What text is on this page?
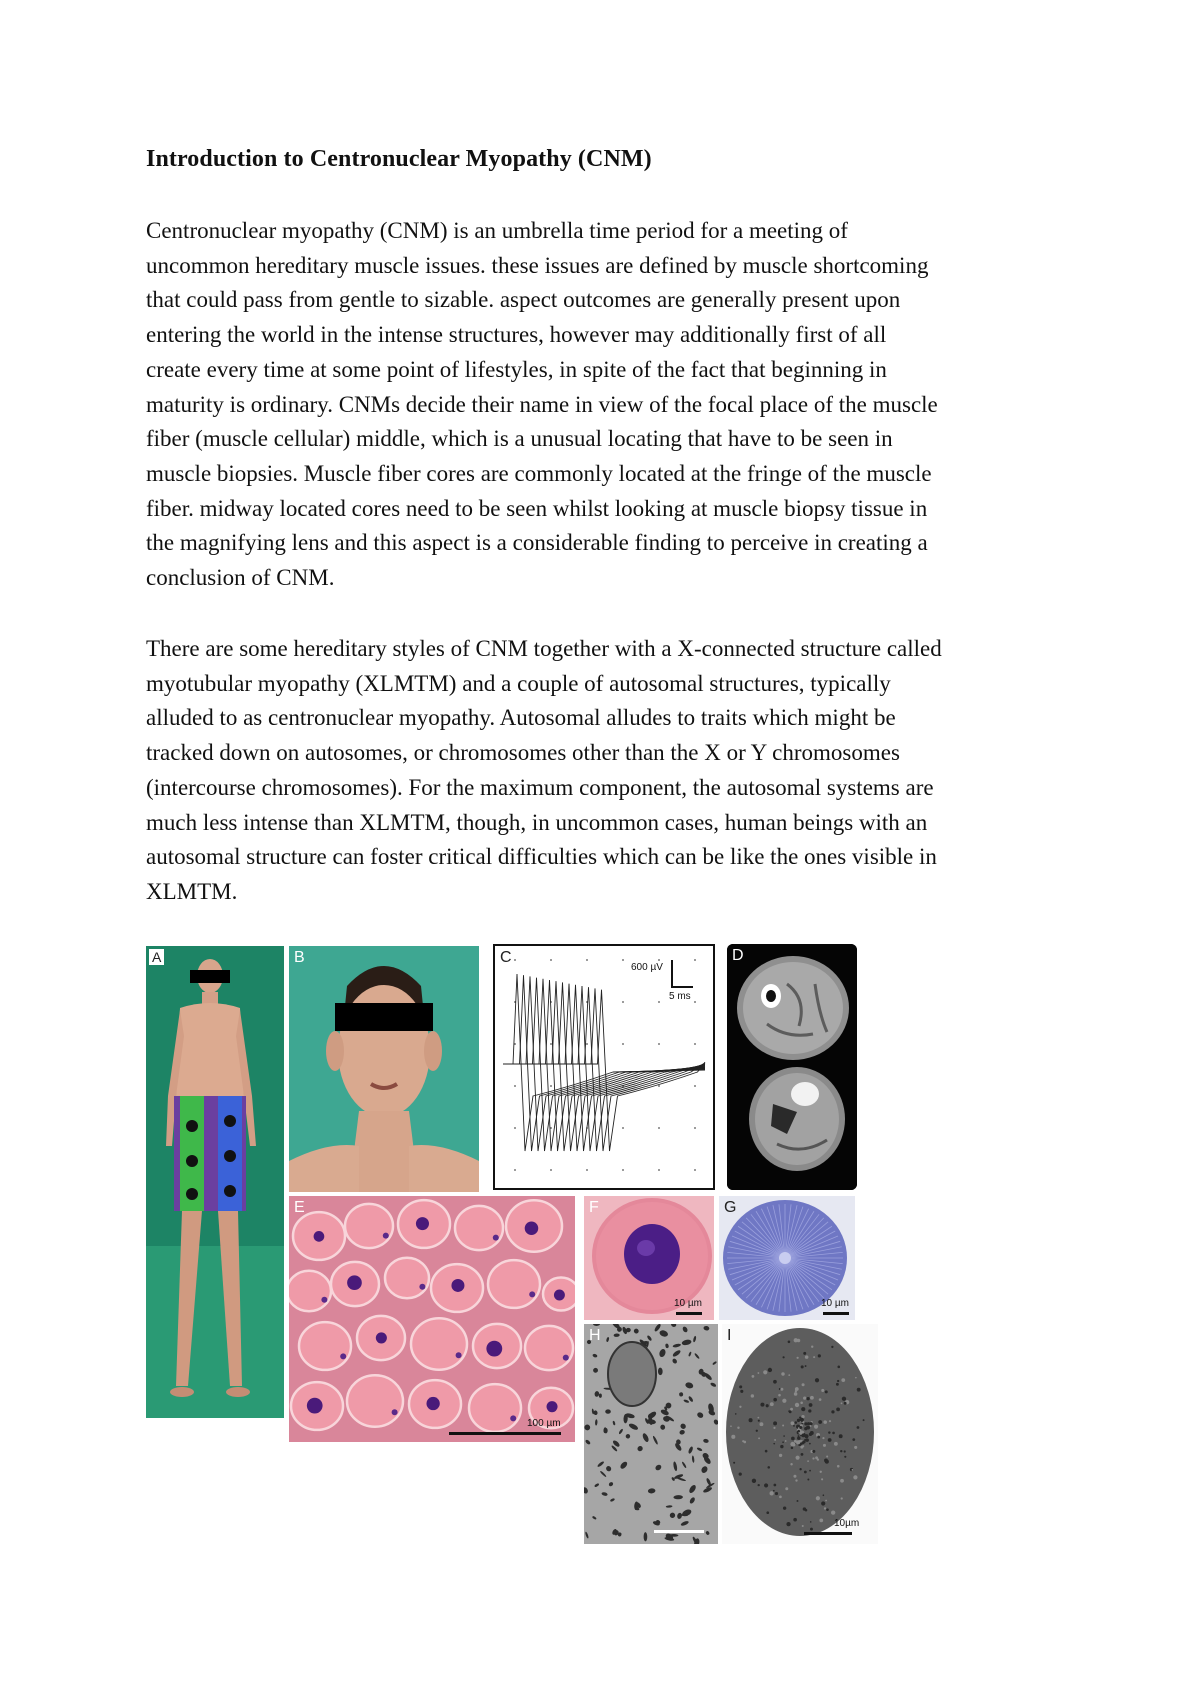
Introduction to Centronuclear Myopathy (CNM)

Centronuclear myopathy (CNM) is an umbrella time period for a meeting of
uncommon hereditary muscle issues. these issues are defined by muscle shortcoming
that could pass from gentle to sizable. aspect outcomes are generally present upon
entering the world in the intense structures, however may additionally first of all
create every time at some point of lifestyles, in spite of the fact that beginning in
maturity is ordinary. CNMs decide their name in view of the focal place of the muscle
fiber (muscle cellular) middle, which is a unusual locating that have to be seen in
muscle biopsies. Muscle fiber cores are commonly located at the fringe of the muscle
fiber. midway located cores need to be seen whilst looking at muscle biopsy tissue in
the magnifying lens and this aspect is a considerable finding to perceive in creating a
conclusion of CNM.

There are some hereditary styles of CNM together with a X-connected structure called
myotubular myopathy (XLMTM) and a couple of autosomal structures, typically
alluded to as centronuclear myopathy. Autosomal alludes to traits which might be
tracked down on autosomes, or chromosomes other than the X or Y chromosomes
(intercourse chromosomes). For the maximum component, the autosomal systems are
much less intense than XLMTM, though, in uncommon cases, human beings with an
autosomal structure can foster critical difficulties which can be like the ones visible in
XLMTM.

A	B	C
600 µV
5 ms
D
E
100 µm
F
10 µm
G
10 µm
H	I
10µm
